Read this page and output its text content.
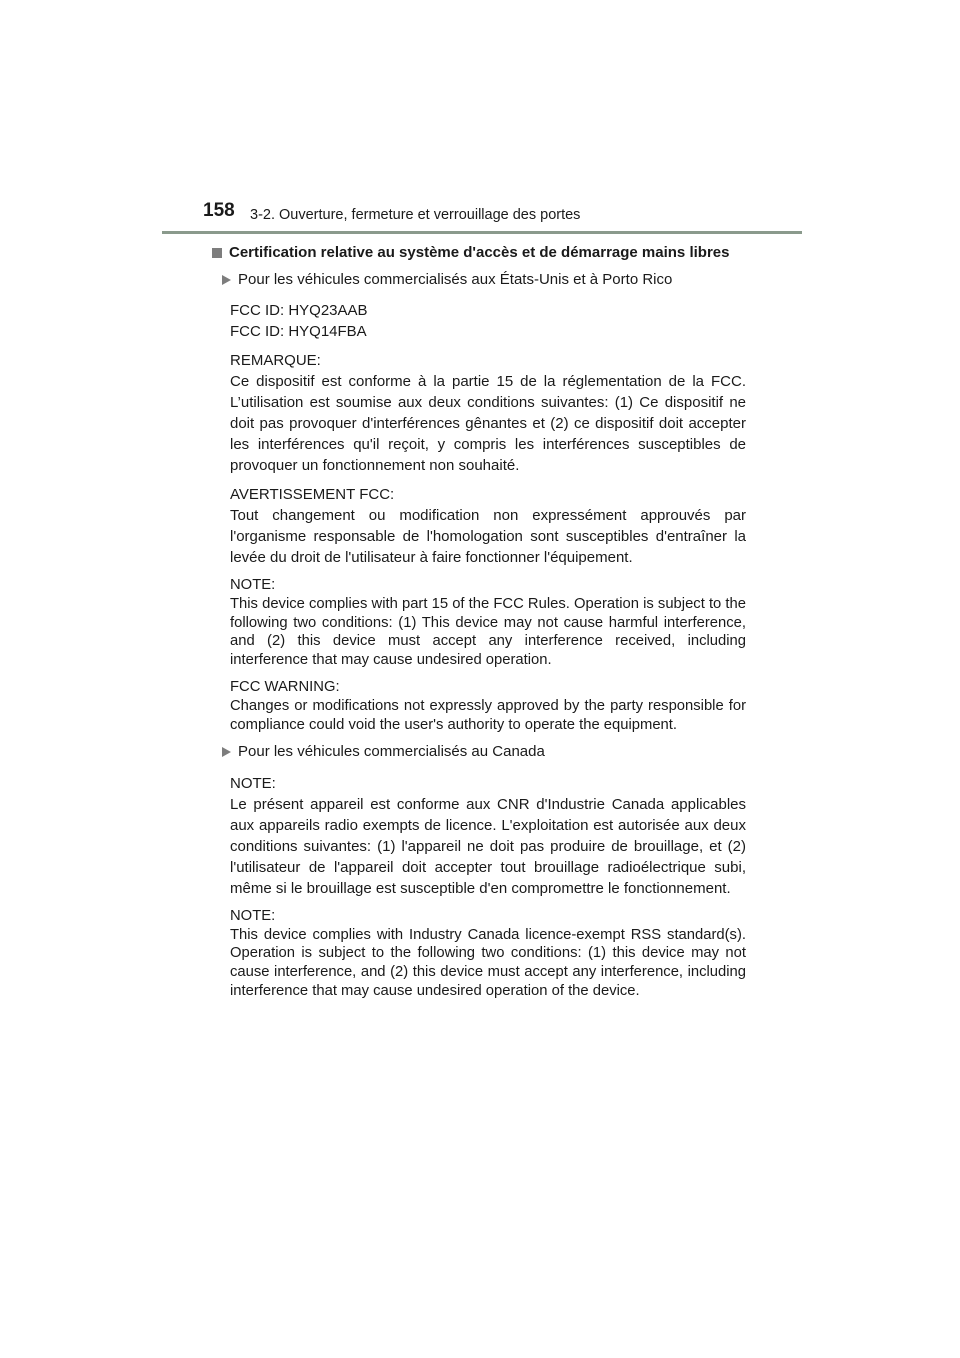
158 3-2. Ouverture, fermeture et verrouillage des portes
Certification relative au système d'accès et de démarrage mains libres
Pour les véhicules commercialisés aux États-Unis et à Porto Rico

FCC ID: HYQ23AAB

FCC ID: HYQ14FBA

REMARQUE:

Ce dispositif est conforme à la partie 15 de la réglementation de la FCC. L’utilisation est soumise aux deux conditions suivantes: (1) Ce dispositif ne doit pas provoquer d'interférences gênantes et (2) ce dispositif doit accepter les interférences qu'il reçoit, y compris les interférences susceptibles de provoquer un fonctionnement non souhaité.

AVERTISSEMENT FCC:

Tout changement ou modification non expressément approuvés par l'organisme responsable de l'homologation sont susceptibles d'entraîner la levée du droit de l'utilisateur à faire fonctionner l'équipement.

NOTE:

This device complies with part 15 of the FCC Rules. Operation is subject to the following two conditions: (1) This device may not cause harmful interference, and (2) this device must accept any interference received, including interference that may cause undesired operation.

FCC WARNING:

Changes or modifications not expressly approved by the party responsible for compliance could void the user's authority to operate the equipment.

Pour les véhicules commercialisés au Canada

NOTE:

Le présent appareil est conforme aux CNR d'Industrie Canada applicables aux appareils radio exempts de licence. L'exploitation est autorisée aux deux conditions suivantes: (1) l'appareil ne doit pas produire de brouillage, et (2) l'utilisateur de l'appareil doit accepter tout brouillage radioélectrique subi, même si le brouillage est susceptible d'en compromettre le fonctionnement.

NOTE:

This device complies with Industry Canada licence-exempt RSS standard(s). Operation is subject to the following two conditions: (1) this device may not cause interference, and (2) this device must accept any interference, including interference that may cause undesired operation of the device.
